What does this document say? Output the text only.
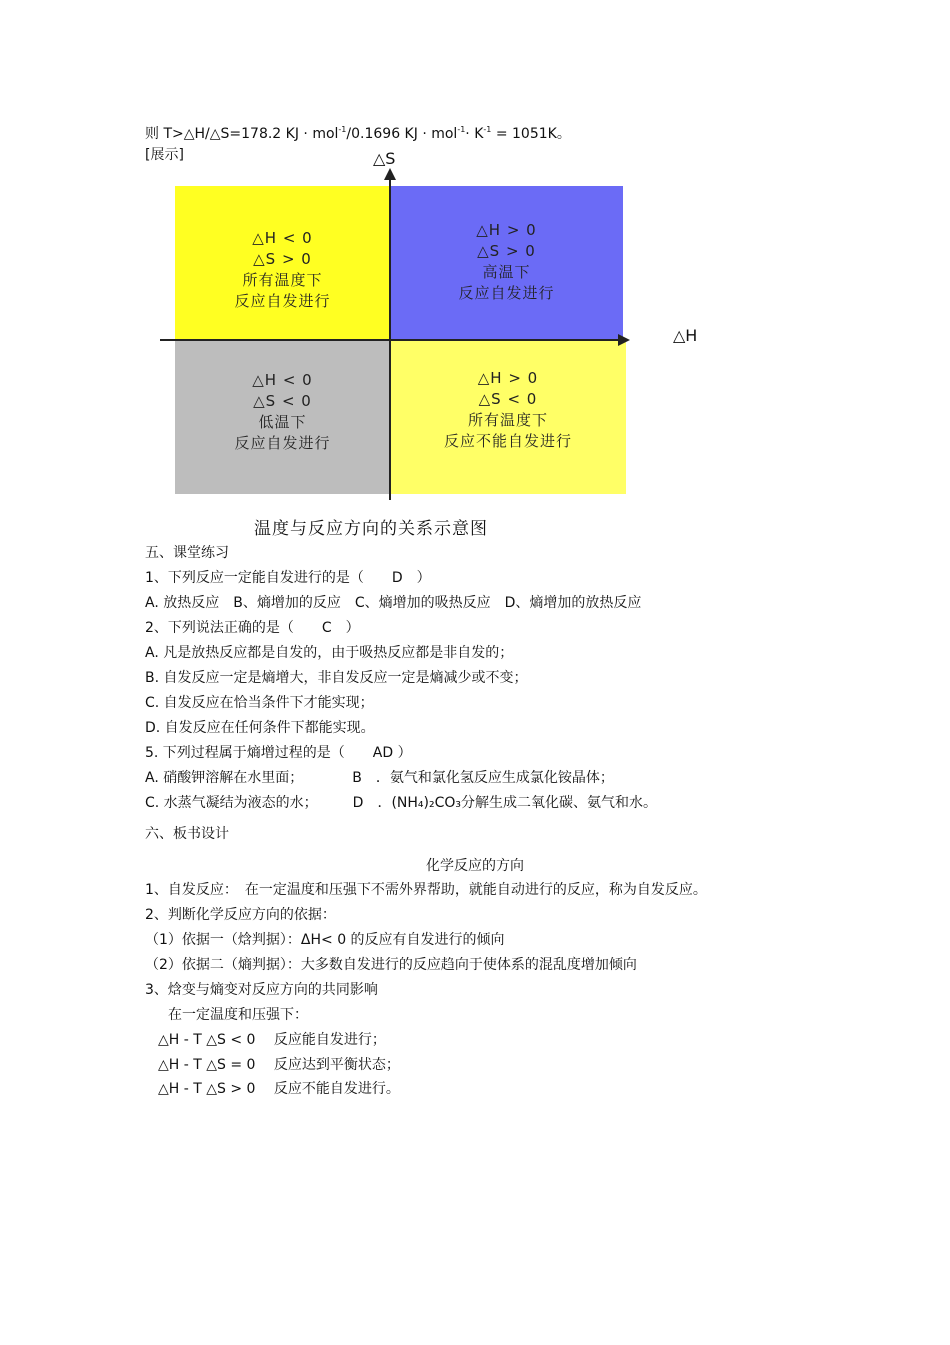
则 T>△H/△S=178.2 KJ · mol$^{-1}$/0.1696 KJ · $mol^{-1}\cdot K^{-1} = 1051K$。
[展示]
△H < 0
△S > 0
所有温度下
反应自发进行
△H > 0
△S > 0
高温下
反应自发进行
△H < 0
△S < 0
低温下
反应自发进行
△H > 0
△S < 0
所有温度下
反应不能自发进行
△S
△H
温度与反应方向的关系示意图
五、课堂练习
1、下列反应一定能自发进行的是（　　D　）
A. 放热反应　B、熵增加的反应　C、熵增加的吸热反应　D、熵增加的放热反应
2、下列说法正确的是（　　C　）
A. 凡是放热反应都是自发的，由于吸热反应都是非自发的；
B. 自发反应一定是熵增大，非自发反应一定是熵减少或不变；
C. 自发反应在恰当条件下才能实现；
D. 自发反应在任何条件下都能实现。
5. 下列过程属于熵增过程的是（　　AD ）
A. 硝酸钾溶解在水里面；　　　　B　．氨气和氯化氢反应生成氯化铵晶体；
C. 水蒸气凝结为液态的水；　　　D　．(NH₄)₂CO₃分解生成二氧化碳、氨气和水。
六、板书设计
化学反应的方向
1、自发反应：　在一定温度和压强下不需外界帮助，就能自动进行的反应，称为自发反应。
2、判断化学反应方向的依据：
（1）依据一（焓判据）：ΔH< 0 的反应有自发进行的倾向
（2）依据二（熵判据）：大多数自发进行的反应趋向于使体系的混乱度增加倾向
3、焓变与熵变对反应方向的共同影响
在一定温度和压强下：
△H - T △S < 0　 反应能自发进行；
△H - T △S = 0　 反应达到平衡状态；
△H - T △S > 0　 反应不能自发进行。
